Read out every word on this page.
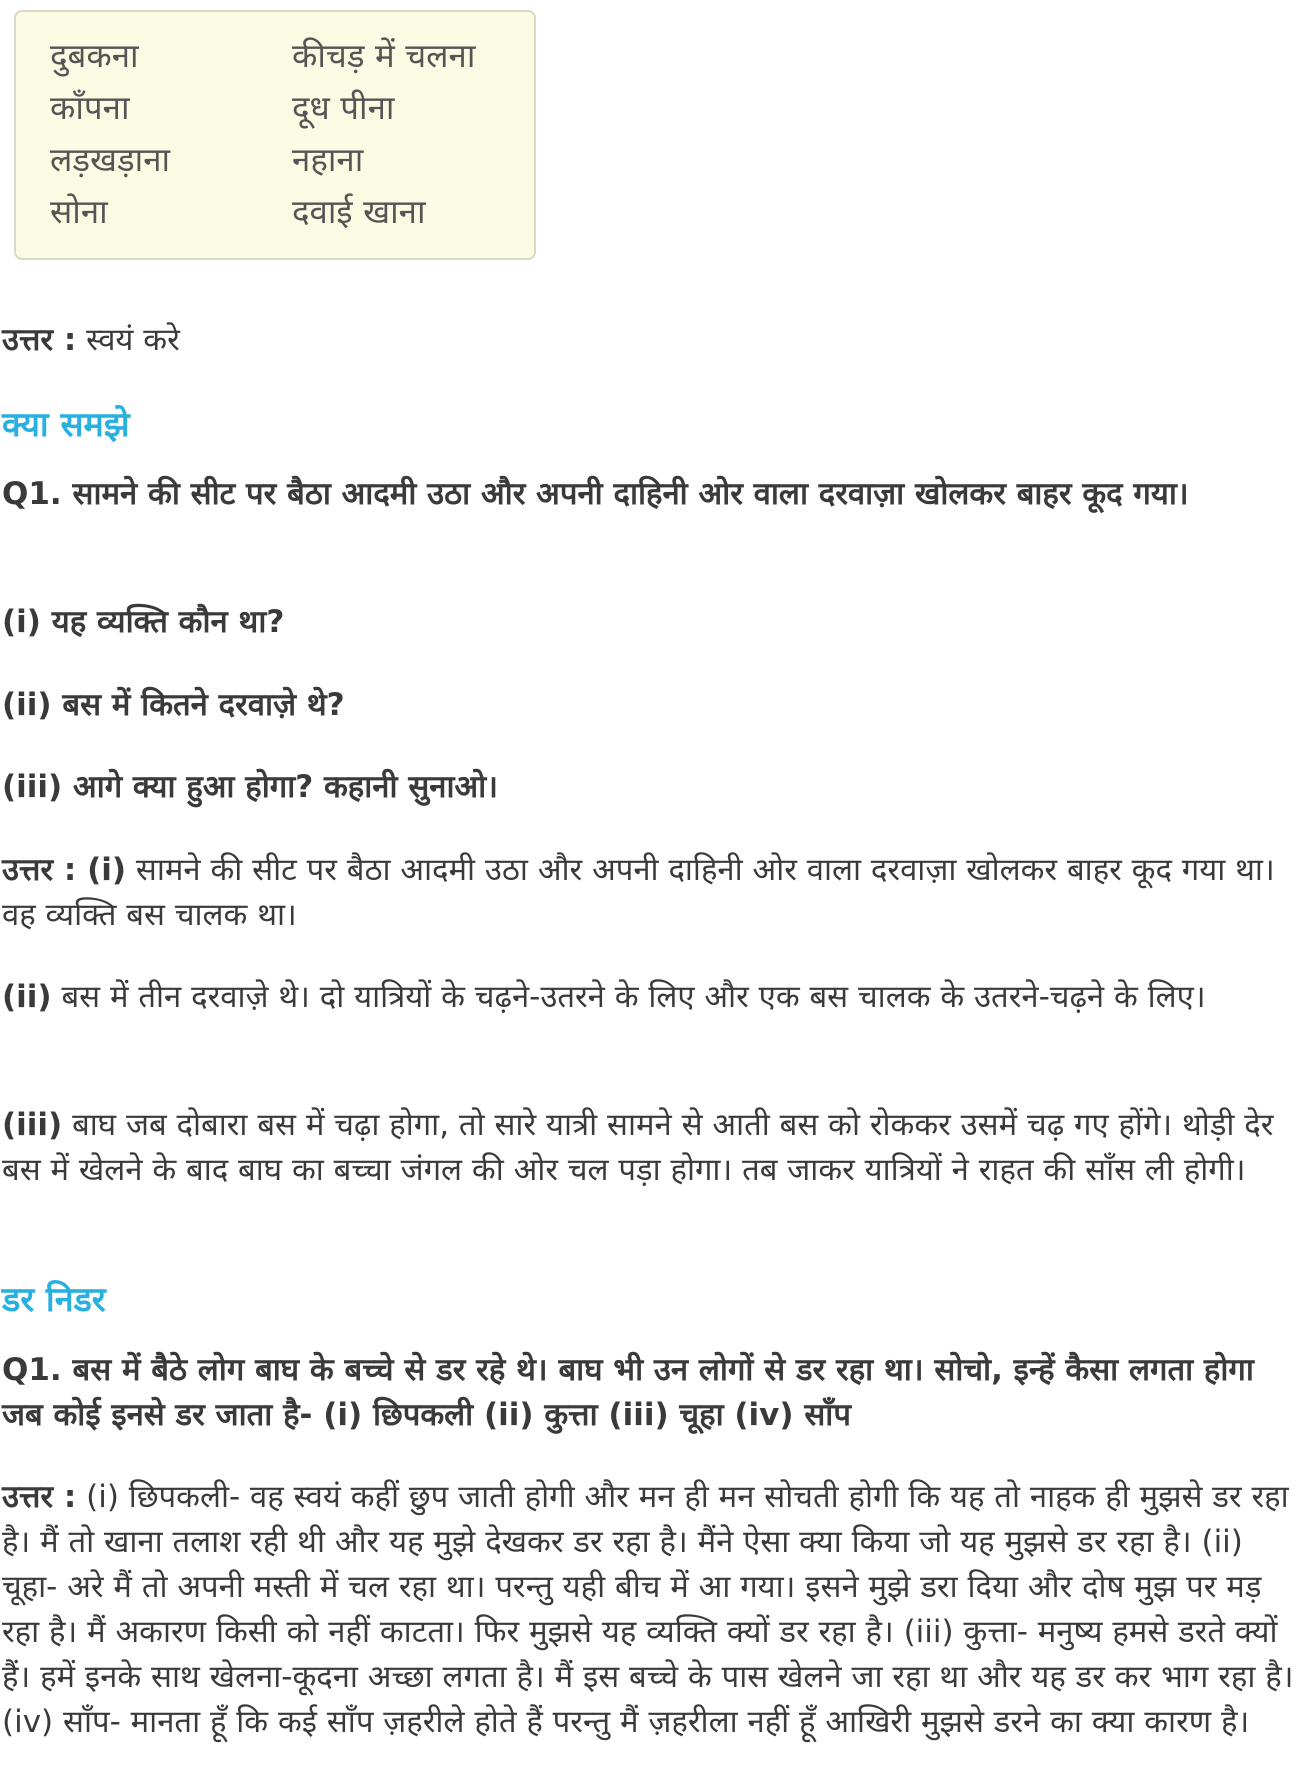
दुबकना
काँपना
लड़खड़ाना
सोना
कीचड़ में चलना
दूध पीना
नहाना
दवाई खाना
उत्तर : स्वयं करे
क्या समझे
Q1. सामने की सीट पर बैठा आदमी उठा और अपनी दाहिनी ओर वाला दरवाज़ा खोलकर बाहर कूद गया।
(i) यह व्यक्ति कौन था?
(ii) बस में कितने दरवाज़े थे?
(iii) आगे क्या हुआ होगा? कहानी सुनाओ।
उत्तर : (i) सामने की सीट पर बैठा आदमी उठा और अपनी दाहिनी ओर वाला दरवाज़ा खोलकर बाहर कूद गया था। वह व्यक्ति बस चालक था।
(ii) बस में तीन दरवाज़े थे। दो यात्रियों के चढ़ने-उतरने के लिए और एक बस चालक के उतरने-चढ़ने के लिए।
(iii) बाघ जब दोबारा बस में चढ़ा होगा, तो सारे यात्री सामने से आती बस को रोककर उसमें चढ़ गए होंगे। थोड़ी देर बस में खेलने के बाद बाघ का बच्चा जंगल की ओर चल पड़ा होगा। तब जाकर यात्रियों ने राहत की साँस ली होगी।
डर निडर
Q1. बस में बैठे लोग बाघ के बच्चे से डर रहे थे। बाघ भी उन लोगों से डर रहा था। सोचो, इन्हें कैसा लगता होगा जब कोई इनसे डर जाता है- (i) छिपकली (ii) कुत्ता (iii) चूहा (iv) साँप
उत्तर : (i) छिपकली- वह स्वयं कहीं छुप जाती होगी और मन ही मन सोचती होगी कि यह तो नाहक ही मुझसे डर रहा है। मैं तो खाना तलाश रही थी और यह मुझे देखकर डर रहा है। मैंने ऐसा क्या किया जो यह मुझसे डर रहा है। (ii) चूहा- अरे मैं तो अपनी मस्ती में चल रहा था। परन्तु यही बीच में आ गया। इसने मुझे डरा दिया और दोष मुझ पर मड़ रहा है। मैं अकारण किसी को नहीं काटता। फिर मुझसे यह व्यक्ति क्यों डर रहा है। (iii) कुत्ता- मनुष्य हमसे डरते क्यों हैं। हमें इनके साथ खेलना-कूदना अच्छा लगता है। मैं इस बच्चे के पास खेलने जा रहा था और यह डर कर भाग रहा है। (iv) साँप- मानता हूँ कि कई साँप ज़हरीले होते हैं परन्तु मैं ज़हरीला नहीं हूँ आखिरी मुझसे डरने का क्या कारण है।
